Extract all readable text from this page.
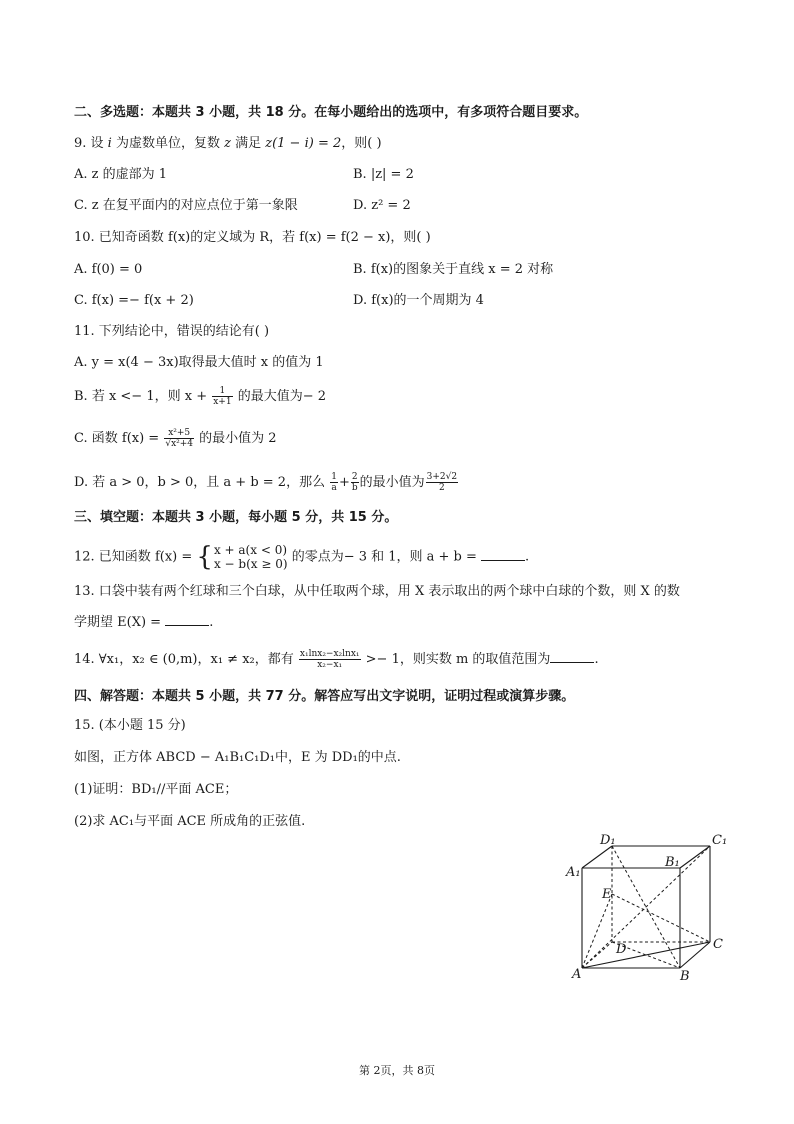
二、多选题：本题共 3 小题，共 18 分。在每小题给出的选项中，有多项符合题目要求。
9. 设 i 为虚数单位，复数 z 满足 z(1 − i) = 2，则( )
A. z 的虚部为 1	B. |z| = 2
C. z 在复平面内的对应点位于第一象限	D. z² = 2
10. 已知奇函数 f(x)的定义域为 R，若 f(x) = f(2 − x)，则( )
A. f(0) = 0	B. f(x)的图象关于直线 x = 2 对称
C. f(x) =− f(x + 2)	D. f(x)的一个周期为 4
11. 下列结论中，错误的结论有( )
A. y = x(4 − 3x)取得最大值时 x 的值为 1
B. 若 x <− 1，则 $x + \frac{1}{x+1}$ 的最大值为− 2
C. 函数 $f(x) = \frac{\text{x²+5}}{\text{√x²+4}}$ 的最小值为 2
D. 若 a > 0，b > 0，且 a + b = 2，那么 $\frac{1}{a} + \frac{2}{b}$ 的最小值为 $\frac{3+2√2}{2}$
三、填空题：本题共 3 小题，每小题 5 分，共 15 分。
12. 已知函数 f(x) = { x + a(x < 0)
x − b(x ≥ 0) 的零点为− 3 和 1，则 a + b =	.
13. 口袋中装有两个红球和三个白球，从中任取两个球，用 X 表示取出的两个球中白球的个数，则 X 的数
学期望 E(X) =	.
14. ∀x₁，x₂ ∈ (0,m)，x₁ ≠ x₂，都有 $\frac{\text{x₁lnx₂−x₂lnx₁}}{\text{x₂−x₁}} >- 1$，则实数 m 的取值范围为	.
四、解答题：本题共 5 小题，共 77 分。解答应写出文字说明，证明过程或演算步骤。
15. (本小题 15 分)
如图，正方体 ABCD − A₁B₁C₁D₁中，E 为 DD₁的中点.
(1)证明：BD₁//平面 ACE；
(2)求 AC₁与平面 ACE 所成角的正弦值.
D₁	C₁
A₁
B₁
E
D	C
A	B
第 2页，共 8页
